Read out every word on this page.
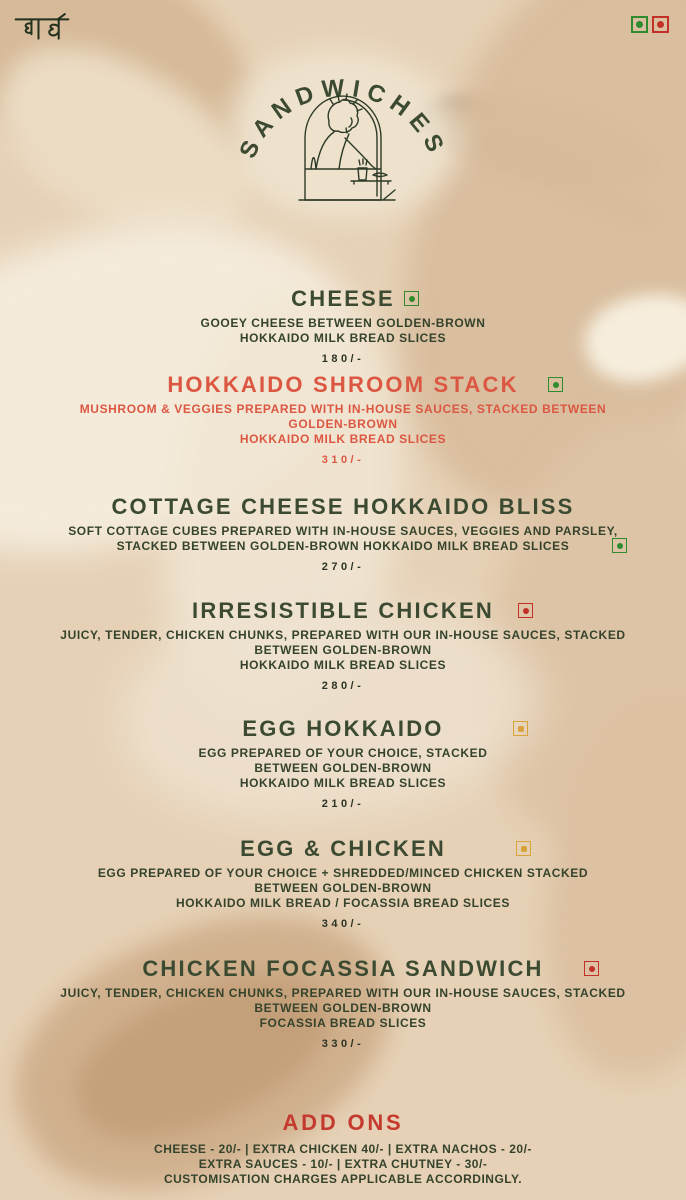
SANDWICHES
CHEESE
GOOEY CHEESE BETWEEN GOLDEN-BROWN
HOKKAIDO MILK BREAD SLICES
180/-
HOKKAIDO SHROOM STACK
MUSHROOM & VEGGIES PREPARED WITH IN-HOUSE SAUCES, STACKED BETWEEN
GOLDEN-BROWN
HOKKAIDO MILK BREAD SLICES
310/-
COTTAGE CHEESE HOKKAIDO BLISS
SOFT COTTAGE CUBES PREPARED WITH IN-HOUSE SAUCES, VEGGIES AND PARSLEY,
STACKED BETWEEN GOLDEN-BROWN HOKKAIDO MILK BREAD SLICES
270/-
IRRESISTIBLE CHICKEN
JUICY, TENDER, CHICKEN CHUNKS, PREPARED WITH OUR IN-HOUSE SAUCES, STACKED
BETWEEN GOLDEN-BROWN
HOKKAIDO MILK BREAD SLICES
280/-
EGG HOKKAIDO
EGG PREPARED OF YOUR CHOICE, STACKED
BETWEEN GOLDEN-BROWN
HOKKAIDO MILK BREAD SLICES
210/-
EGG & CHICKEN
EGG PREPARED OF YOUR CHOICE + SHREDDED/MINCED CHICKEN STACKED
BETWEEN GOLDEN-BROWN
HOKKAIDO MILK BREAD / FOCASSIA BREAD SLICES
340/-
CHICKEN FOCASSIA SANDWICH
JUICY, TENDER, CHICKEN CHUNKS, PREPARED WITH OUR IN-HOUSE SAUCES, STACKED
BETWEEN GOLDEN-BROWN
FOCASSIA BREAD SLICES
330/-
ADD ONS
CHEESE - 20/- | EXTRA CHICKEN 40/- | EXTRA NACHOS - 20/-
EXTRA SAUCES - 10/- | EXTRA CHUTNEY - 30/-
CUSTOMISATION CHARGES APPLICABLE ACCORDINGLY.
